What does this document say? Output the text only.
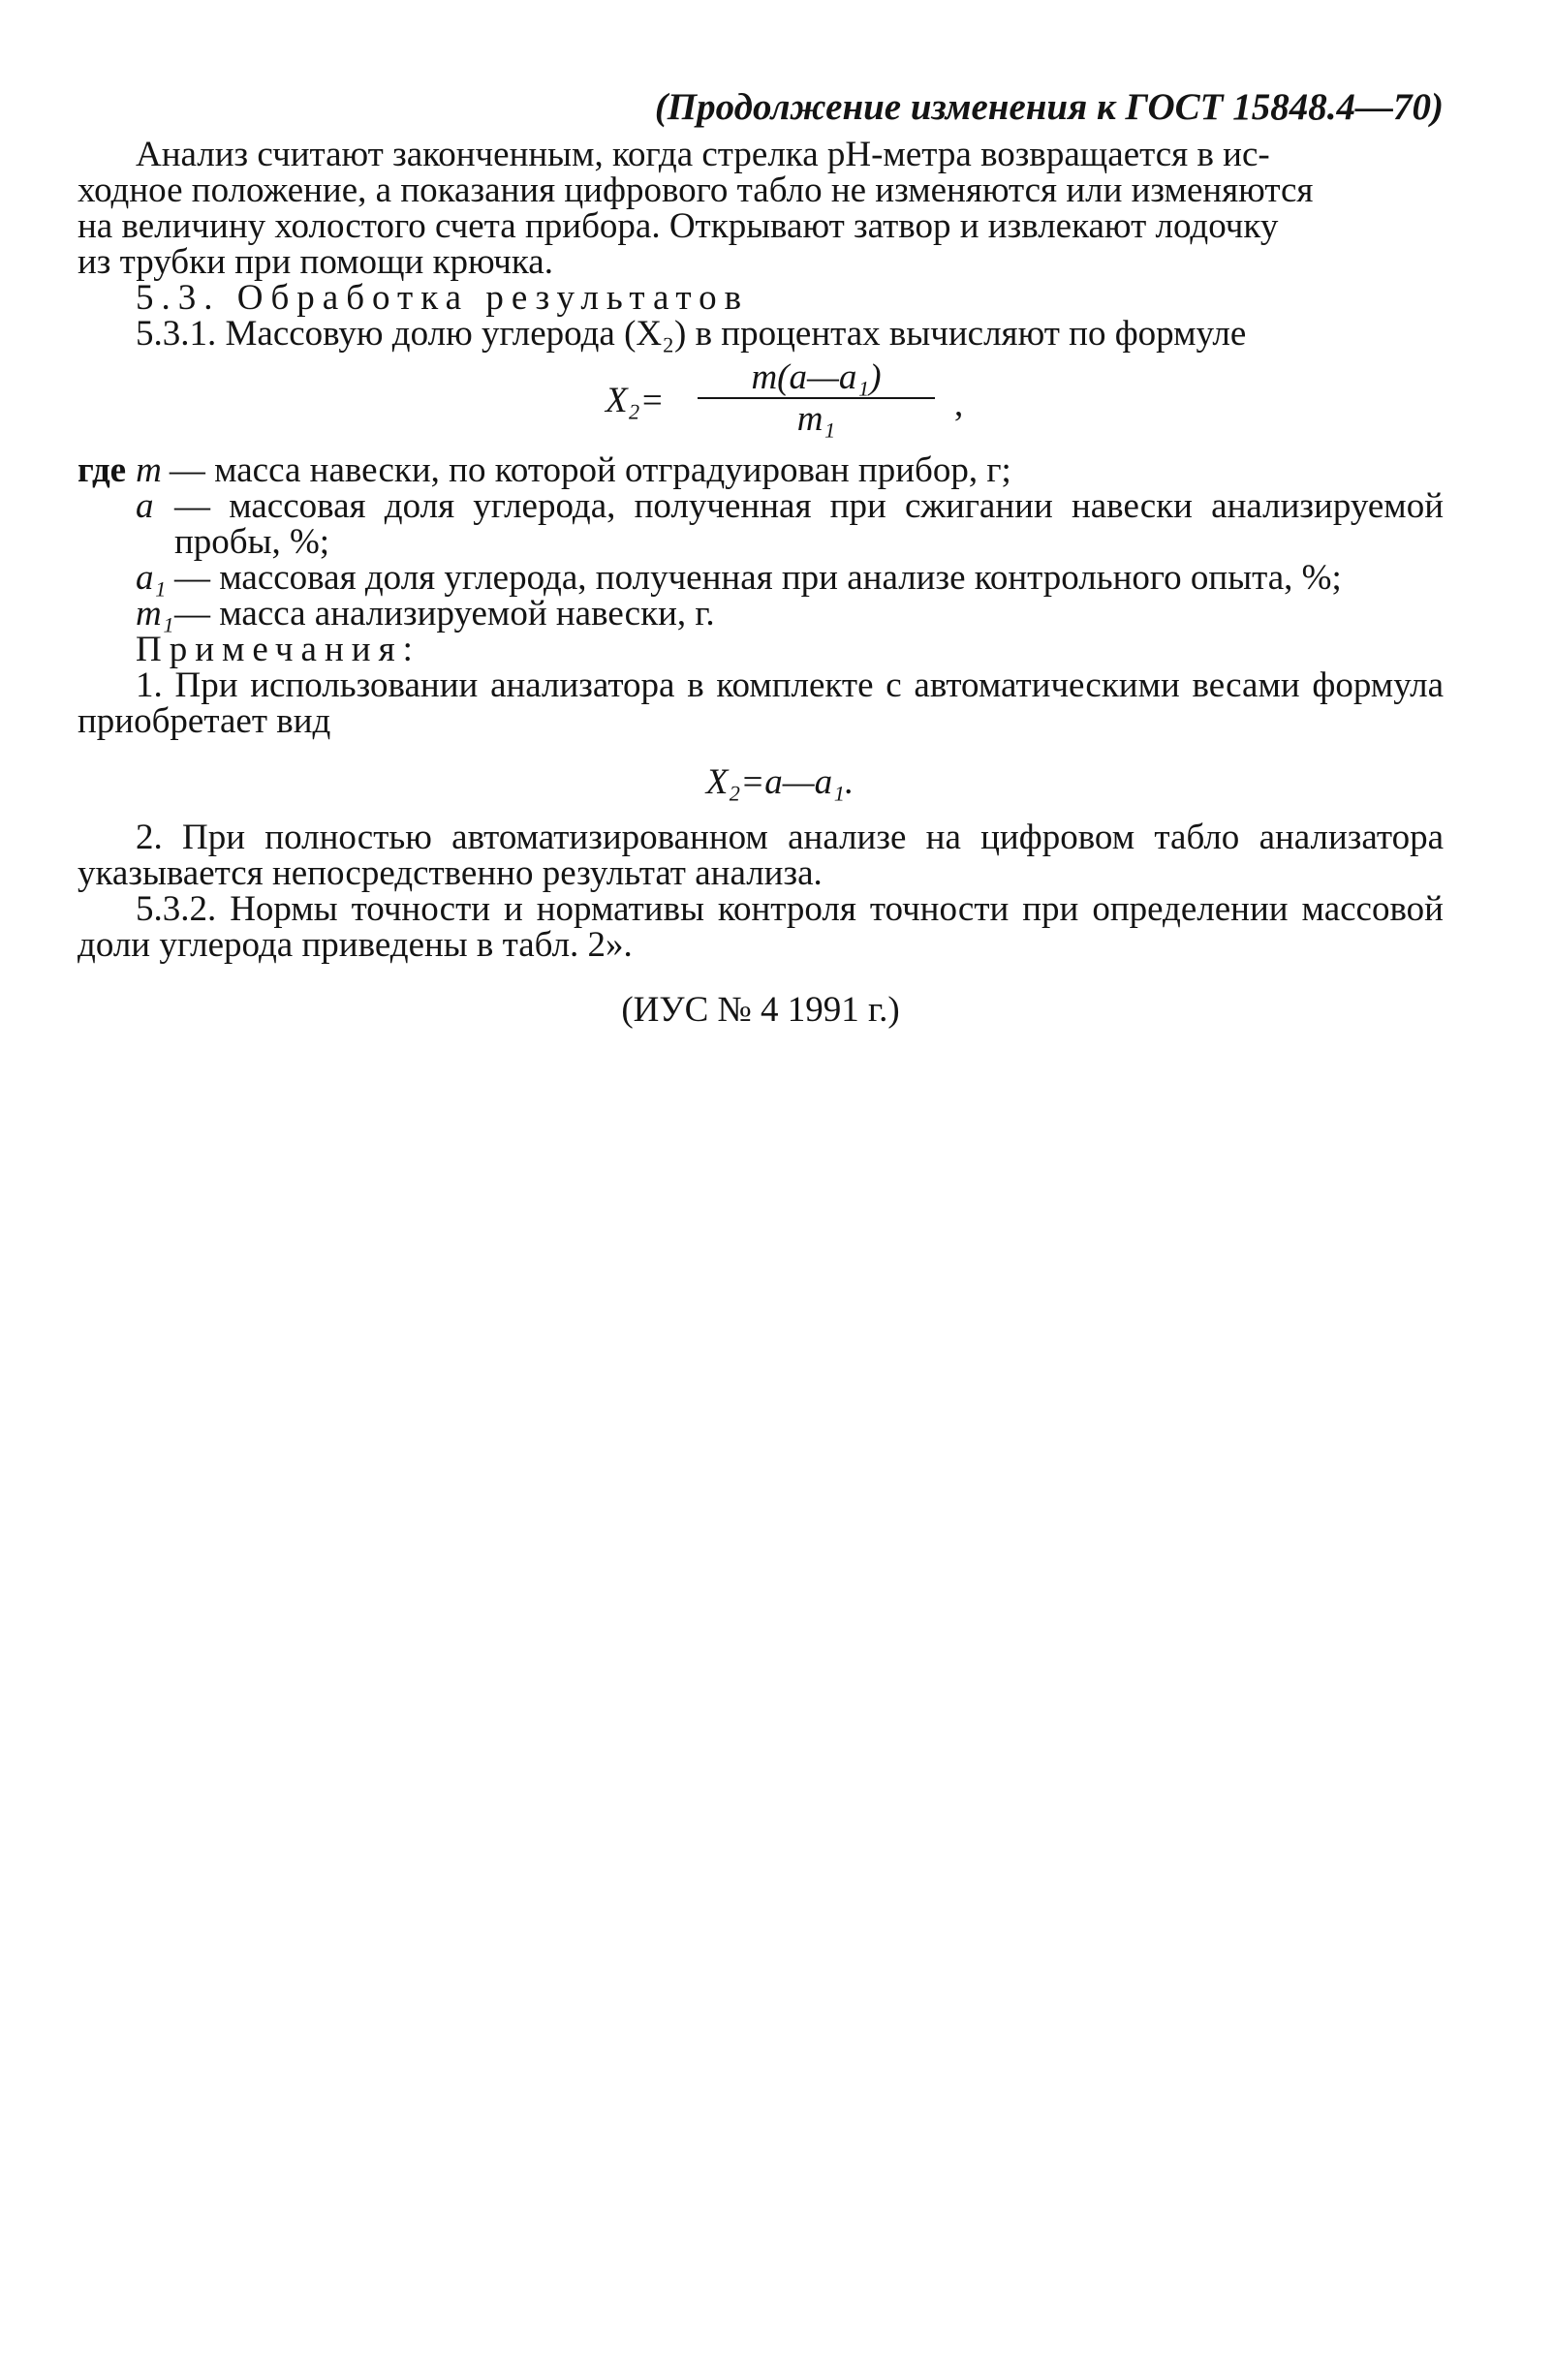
(Продолжение изменения к ГОСТ 15848.4—70)

Анализ считают законченным, когда стрелка pH-метра возвращается в ис-
ходное положение, а показания цифрового табло не изменяются или изменяются
на величину холостого счета прибора. Открывают затвор и извлекают лодочку
из трубки при помощи крючка.

5.3. Обработка результатов

5.3.1. Массовую долю углерода (X₂) в процентах вычисляют по формуле

X₂=
m(a—a₁)
m₁	,
где m — масса навески, по которой отградуирован прибор, г;
a — массовая доля углерода, полученная при сжигании навески анализируемой пробы, %;
a₁ — массовая доля углерода, полученная при анализе контрольного опыта, %;
m₁ — масса анализируемой навески, г.

Примечания:

1. При использовании анализатора в комплекте с автоматическими весами формула приобретает вид

X₂=a—a₁.

2. При полностью автоматизированном анализе на цифровом табло анализатора указывается непосредственно результат анализа.

5.3.2. Нормы точности и нормативы контроля точности при определении массовой доли углерода приведены в табл. 2».

(ИУС № 4 1991 г.)
